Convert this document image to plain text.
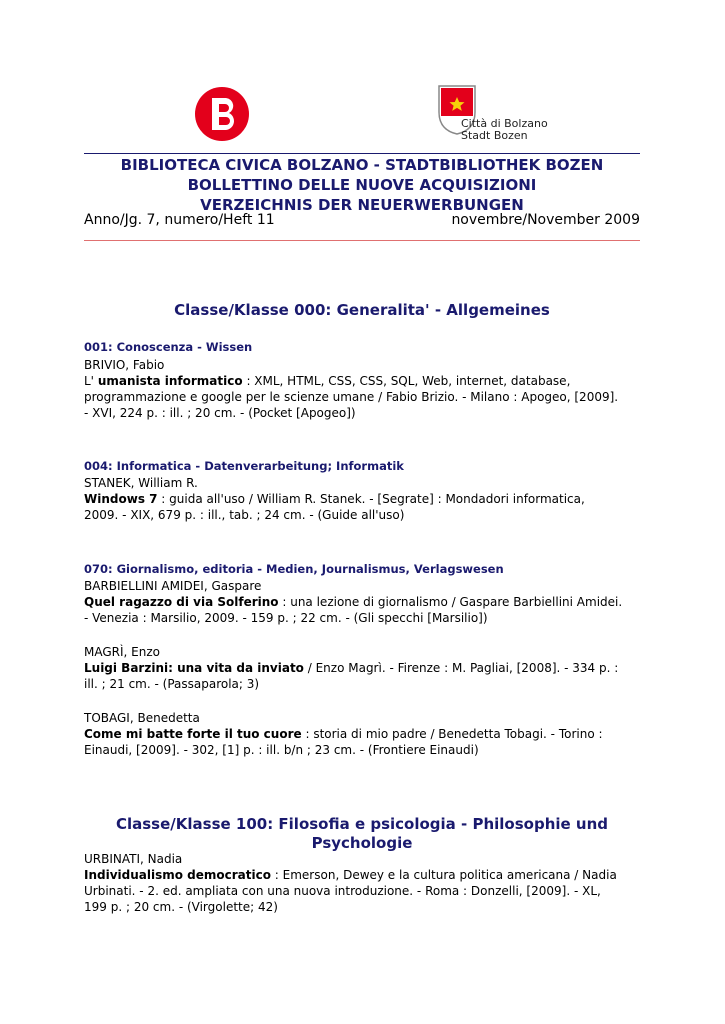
Città di Bolzano
Stadt Bozen
BIBLIOTECA CIVICA BOLZANO - STADTBIBLIOTHEK BOZEN
BOLLETTINO DELLE NUOVE ACQUISIZIONI
VERZEICHNIS DER NEUERWERBUNGEN
Anno/Jg. 7, numero/Heft 11	novembre/November 2009
Classe/Klasse 000: Generalita' - Allgemeines
001: Conoscenza - Wissen
BRIVIO, Fabio
L' umanista informatico : XML, HTML, CSS, CSS, SQL, Web, internet, database,
programmazione e google per le scienze umane / Fabio Brizio. - Milano : Apogeo, [2009].
- XVI, 224 p. : ill. ; 20 cm. - (Pocket [Apogeo])
004: Informatica - Datenverarbeitung; Informatik
STANEK, William R.
Windows 7 : guida all'uso / William R. Stanek. - [Segrate] : Mondadori informatica,
2009. - XIX, 679 p. : ill., tab. ; 24 cm. - (Guide all'uso)
070: Giornalismo, editoria - Medien, Journalismus, Verlagswesen
BARBIELLINI AMIDEI, Gaspare
Quel ragazzo di via Solferino : una lezione di giornalismo / Gaspare Barbiellini Amidei.
- Venezia : Marsilio, 2009. - 159 p. ; 22 cm. - (Gli specchi [Marsilio])
MAGRÌ, Enzo
Luigi Barzini: una vita da inviato / Enzo Magrì. - Firenze : M. Pagliai, [2008]. - 334 p. :
ill. ; 21 cm. - (Passaparola; 3)
TOBAGI, Benedetta
Come mi batte forte il tuo cuore : storia di mio padre / Benedetta Tobagi. - Torino :
Einaudi, [2009]. - 302, [1] p. : ill. b/n ; 23 cm. - (Frontiere Einaudi)
Classe/Klasse 100: Filosofia e psicologia - Philosophie und
Psychologie
URBINATI, Nadia
Individualismo democratico : Emerson, Dewey e la cultura politica americana / Nadia
Urbinati. - 2. ed. ampliata con una nuova introduzione. - Roma : Donzelli, [2009]. - XL,
199 p. ; 20 cm. - (Virgolette; 42)
